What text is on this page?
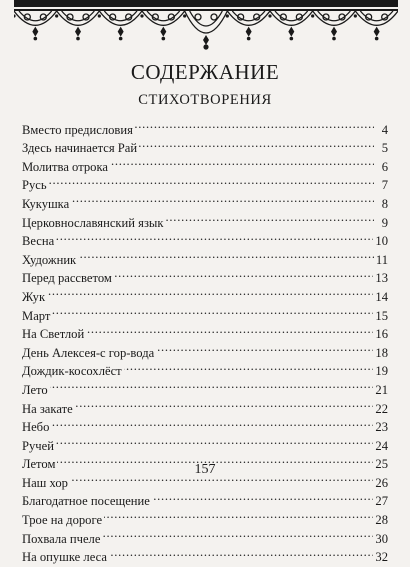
СОДЕРЖАНИЕ
СТИХОТВОРЕНИЯ
Вместо предисловия . . .	4
Здесь начинается Рай . . .	5
Молитва отрока . . .	6
Русь . . .	7
Кукушка . . .	8
Церковнославянский язык . . .	9
Весна . . .	10
Художник . . .	11
Перед рассветом . . .	13
Жук . . .	14
Март . . .	15
На Светлой . . .	16
День Алексея-с гор-вода . . .	18
Дождик-косохлёст . . .	19
Лето . . .	21
На закате . . .	22
Небо . . .	23
Ручей . . .	24
Летом . . .	25
Наш хор . . .	26
Благодатное посещение . . .	27
Трое на дороге . . .	28
Похвала пчеле . . .	30
На опушке леса . . .	32
157
